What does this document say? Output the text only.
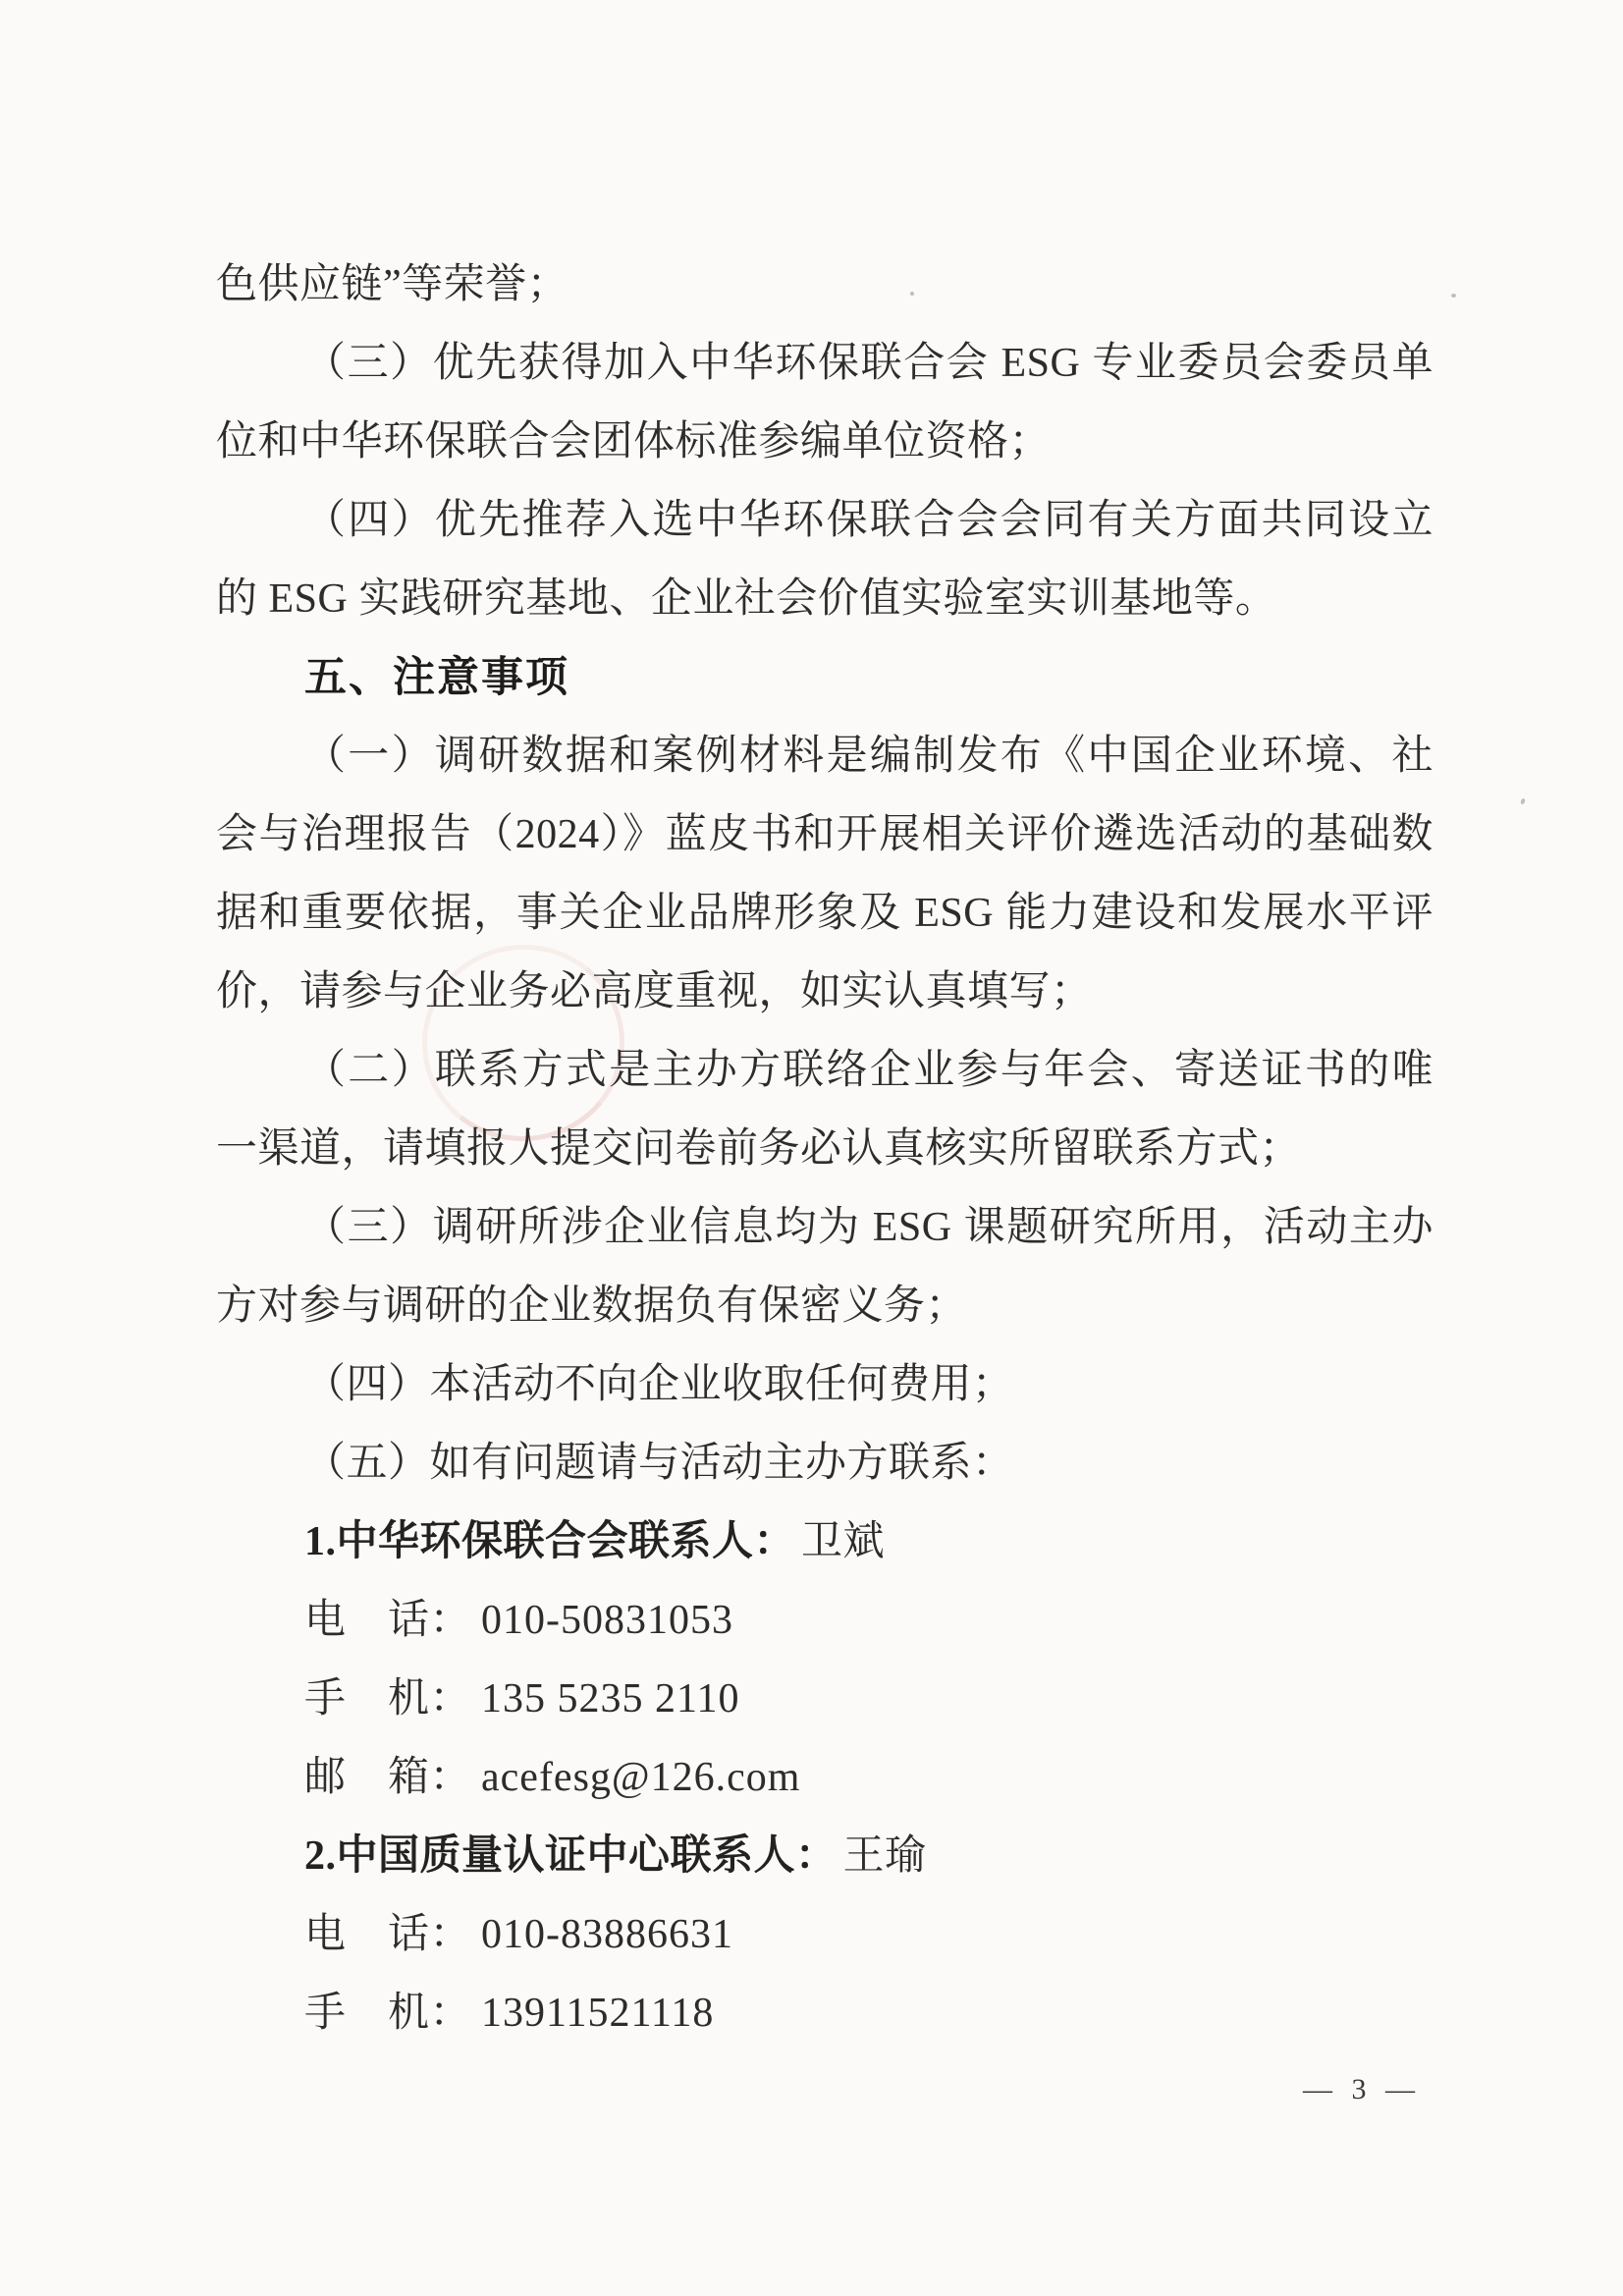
色供应链”等荣誉；
（三）优先获得加入中华环保联合会 ESG 专业委员会委员单
位和中华环保联合会团体标准参编单位资格；
（四）优先推荐入选中华环保联合会会同有关方面共同设立
的 ESG 实践研究基地、企业社会价值实验室实训基地等。
五、注意事项
（一）调研数据和案例材料是编制发布《中国企业环境、社
会与治理报告（2024）》蓝皮书和开展相关评价遴选活动的基础数
据和重要依据，事关企业品牌形象及 ESG 能力建设和发展水平评
价，请参与企业务必高度重视，如实认真填写；
（二）联系方式是主办方联络企业参与年会、寄送证书的唯
一渠道，请填报人提交问卷前务必认真核实所留联系方式；
（三）调研所涉企业信息均为 ESG 课题研究所用，活动主办
方对参与调研的企业数据负有保密义务；
（四）本活动不向企业收取任何费用；
（五）如有问题请与活动主办方联系：
1.中华环保联合会联系人： 卫斌
电　话： 010-50831053
手　机： 135 5235 2110
邮　箱： acefesg@126.com
2.中国质量认证中心联系人： 王瑜
电　话： 010-83886631
手　机： 13911521118
— 3 —
